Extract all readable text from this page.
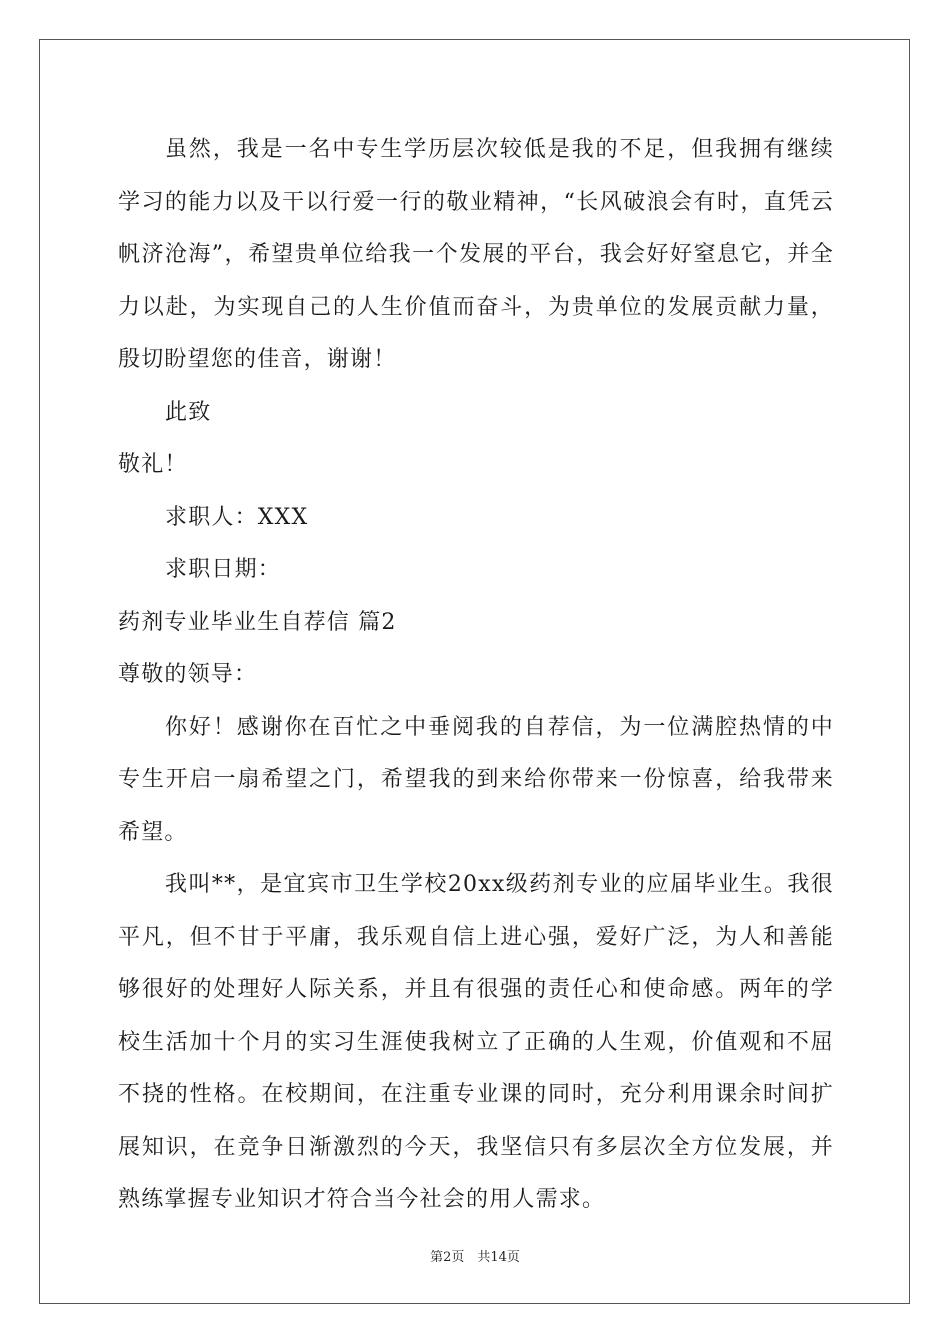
虽然，我是一名中专生学历层次较低是我的不足，但我拥有继续学习的能力以及干以行爱一行的敬业精神，“长风破浪会有时，直凭云帆济沧海”，希望贵单位给我一个发展的平台，我会好好窒息它，并全力以赴，为实现自己的人生价值而奋斗，为贵单位的发展贡献力量，殷切盼望您的佳音，谢谢！

此致

敬礼！

求职人：XXX

求职日期：

药剂专业毕业生自荐信 篇2

尊敬的领导：

你好！感谢你在百忙之中垂阅我的自荐信，为一位满腔热情的中专生开启一扇希望之门，希望我的到来给你带来一份惊喜，给我带来希望。

我叫**，是宜宾市卫生学校20xx级药剂专业的应届毕业生。我很平凡，但不甘于平庸，我乐观自信上进心强，爱好广泛，为人和善能够很好的处理好人际关系，并且有很强的责任心和使命感。两年的学校生活加十个月的实习生涯使我树立了正确的人生观，价值观和不屈不挠的性格。在校期间，在注重专业课的同时，充分利用课余时间扩展知识，在竞争日渐激烈的今天，我坚信只有多层次全方位发展，并熟练掌握专业知识才符合当今社会的用人需求。

第2页　共14页
